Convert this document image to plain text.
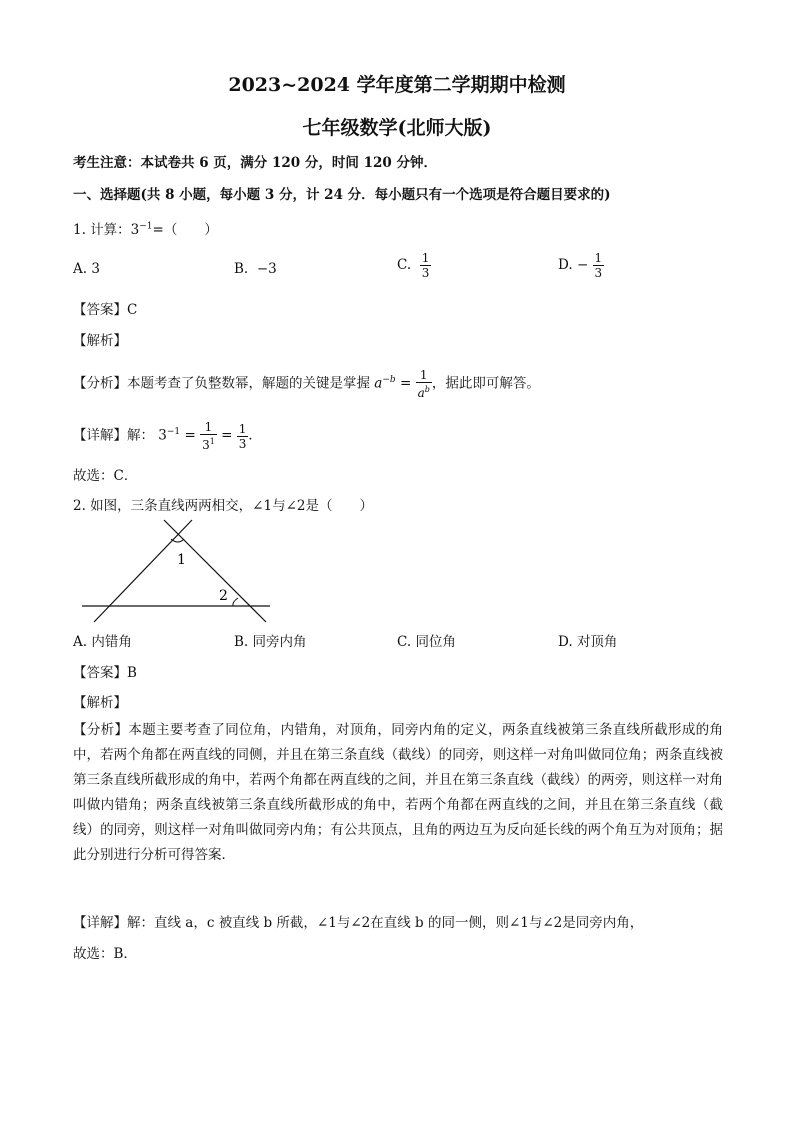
2023~2024 学年度第二学期期中检测
七年级数学(北师大版)
考生注意：本试卷共 6 页，满分 120 分，时间 120 分钟．
一、选择题(共 8 小题，每小题 3 分，计 24 分．每小题只有一个选项是符合题目要求的)
1. 计算：$3^{-1}=$（　　）
A. 3	B. −3	C. $\frac{1}{3}$	D. − $\frac{1}{3}$
【答案】C
【解析】
【分析】本题考查了负整数幂，解题的关键是掌握 $a^{-b} = \frac{1}{a^b}$ ，据此即可解答。
【详解】解： $3^{-1} = \frac{1}{3^1} = \frac{1}{3}$ ．
故选：C．
2. 如图，三条直线两两相交，∠1与∠2是（　　）
1
2
A. 内错角	B. 同旁内角	C. 同位角	D. 对顶角
【答案】B
【解析】
【分析】本题主要考查了同位角，内错角，对顶角，同旁内角的定义，两条直线被第三条直线所截形成的角中，若两个角都在两直线的同侧，并且在第三条直线（截线）的同旁，则这样一对角叫做同位角；两条直线被第三条直线所截形成的角中，若两个角都在两直线的之间，并且在第三条直线（截线）的两旁，则这样一对角叫做内错角；两条直线被第三条直线所截形成的角中，若两个角都在两直线的之间，并且在第三条直线（截线）的同旁，则这样一对角叫做同旁内角；有公共顶点，且角的两边互为反向延长线的两个角互为对顶角；据此分别进行分析可得答案．
【详解】解：直线 a，c 被直线 b 所截，∠1与∠2在直线 b 的同一侧，则∠1与∠2是同旁内角，
故选：B．
